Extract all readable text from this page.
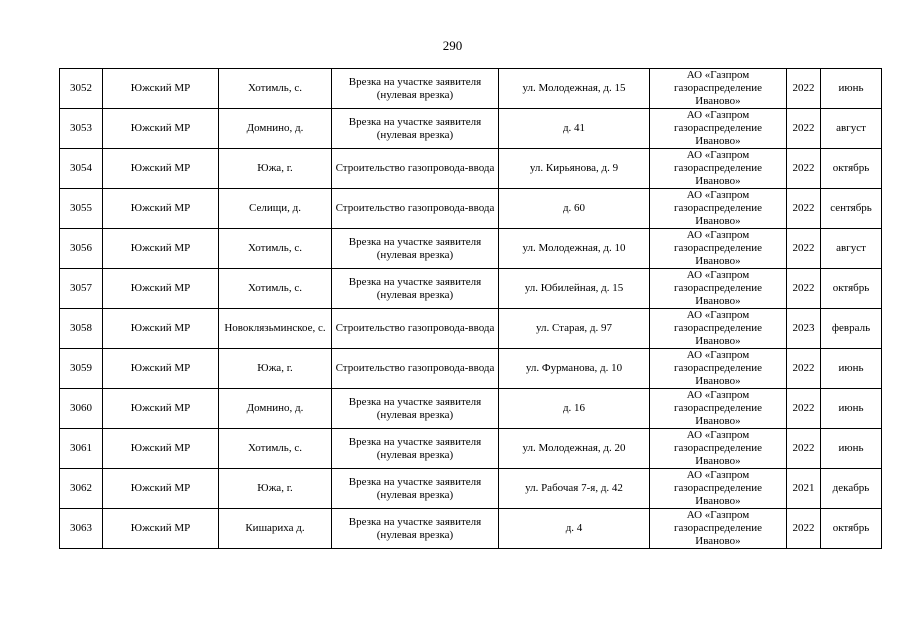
290
3052	Южский МР	Хотимль, с.	Врезка на участке заявителя (нулевая врезка)	ул. Молодежная, д. 15	АО «Газпром газораспределение Иваново»	2022	июнь
3053	Южский МР	Домнино, д.	Врезка на участке заявителя (нулевая врезка)	д. 41	АО «Газпром газораспределение Иваново»	2022	август
3054	Южский МР	Южа, г.	Строительство газопровода-ввода	ул. Кирьянова, д. 9	АО «Газпром газораспределение Иваново»	2022	октябрь
3055	Южский МР	Селищи, д.	Строительство газопровода-ввода	д. 60	АО «Газпром газораспределение Иваново»	2022	сентябрь
3056	Южский МР	Хотимль, с.	Врезка на участке заявителя (нулевая врезка)	ул. Молодежная, д. 10	АО «Газпром газораспределение Иваново»	2022	август
3057	Южский МР	Хотимль, с.	Врезка на участке заявителя (нулевая врезка)	ул. Юбилейная, д. 15	АО «Газпром газораспределение Иваново»	2022	октябрь
3058	Южский МР	Новоклязьминское, с.	Строительство газопровода-ввода	ул. Старая, д. 97	АО «Газпром газораспределение Иваново»	2023	февраль
3059	Южский МР	Южа, г.	Строительство газопровода-ввода	ул. Фурманова, д. 10	АО «Газпром газораспределение Иваново»	2022	июнь
3060	Южский МР	Домнино, д.	Врезка на участке заявителя (нулевая врезка)	д. 16	АО «Газпром газораспределение Иваново»	2022	июнь
3061	Южский МР	Хотимль, с.	Врезка на участке заявителя (нулевая врезка)	ул. Молодежная, д. 20	АО «Газпром газораспределение Иваново»	2022	июнь
3062	Южский МР	Южа, г.	Врезка на участке заявителя (нулевая врезка)	ул. Рабочая 7-я, д. 42	АО «Газпром газораспределение Иваново»	2021	декабрь
3063	Южский МР	Кишариха д.	Врезка на участке заявителя (нулевая врезка)	д. 4	АО «Газпром газораспределение Иваново»	2022	октябрь
